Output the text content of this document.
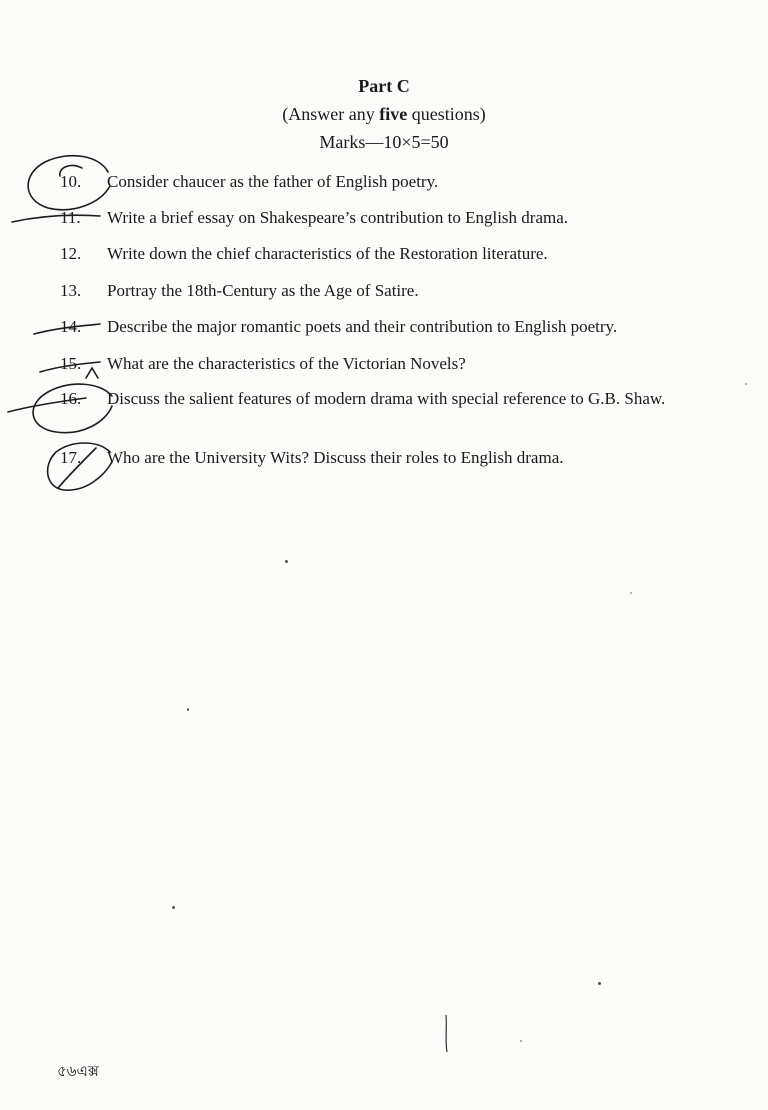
Part C
(Answer any five questions)
Marks—10×5=50
10.	Consider chaucer as the father of English poetry.
11.	Write a brief essay on Shakespeare’s contribution to English drama.
12.	Write down the chief characteristics of the Restoration literature.
13.	Portray the 18th-Century as the Age of Satire.
14.	Describe the major romantic poets and their contribution to English poetry.
15.	What are the characteristics of the Victorian Novels?
16.	Discuss the salient features of modern drama with special reference to G.B. Shaw.
17.	Who are the University Wits? Discuss their roles to English drama.
৫৬এক্স
